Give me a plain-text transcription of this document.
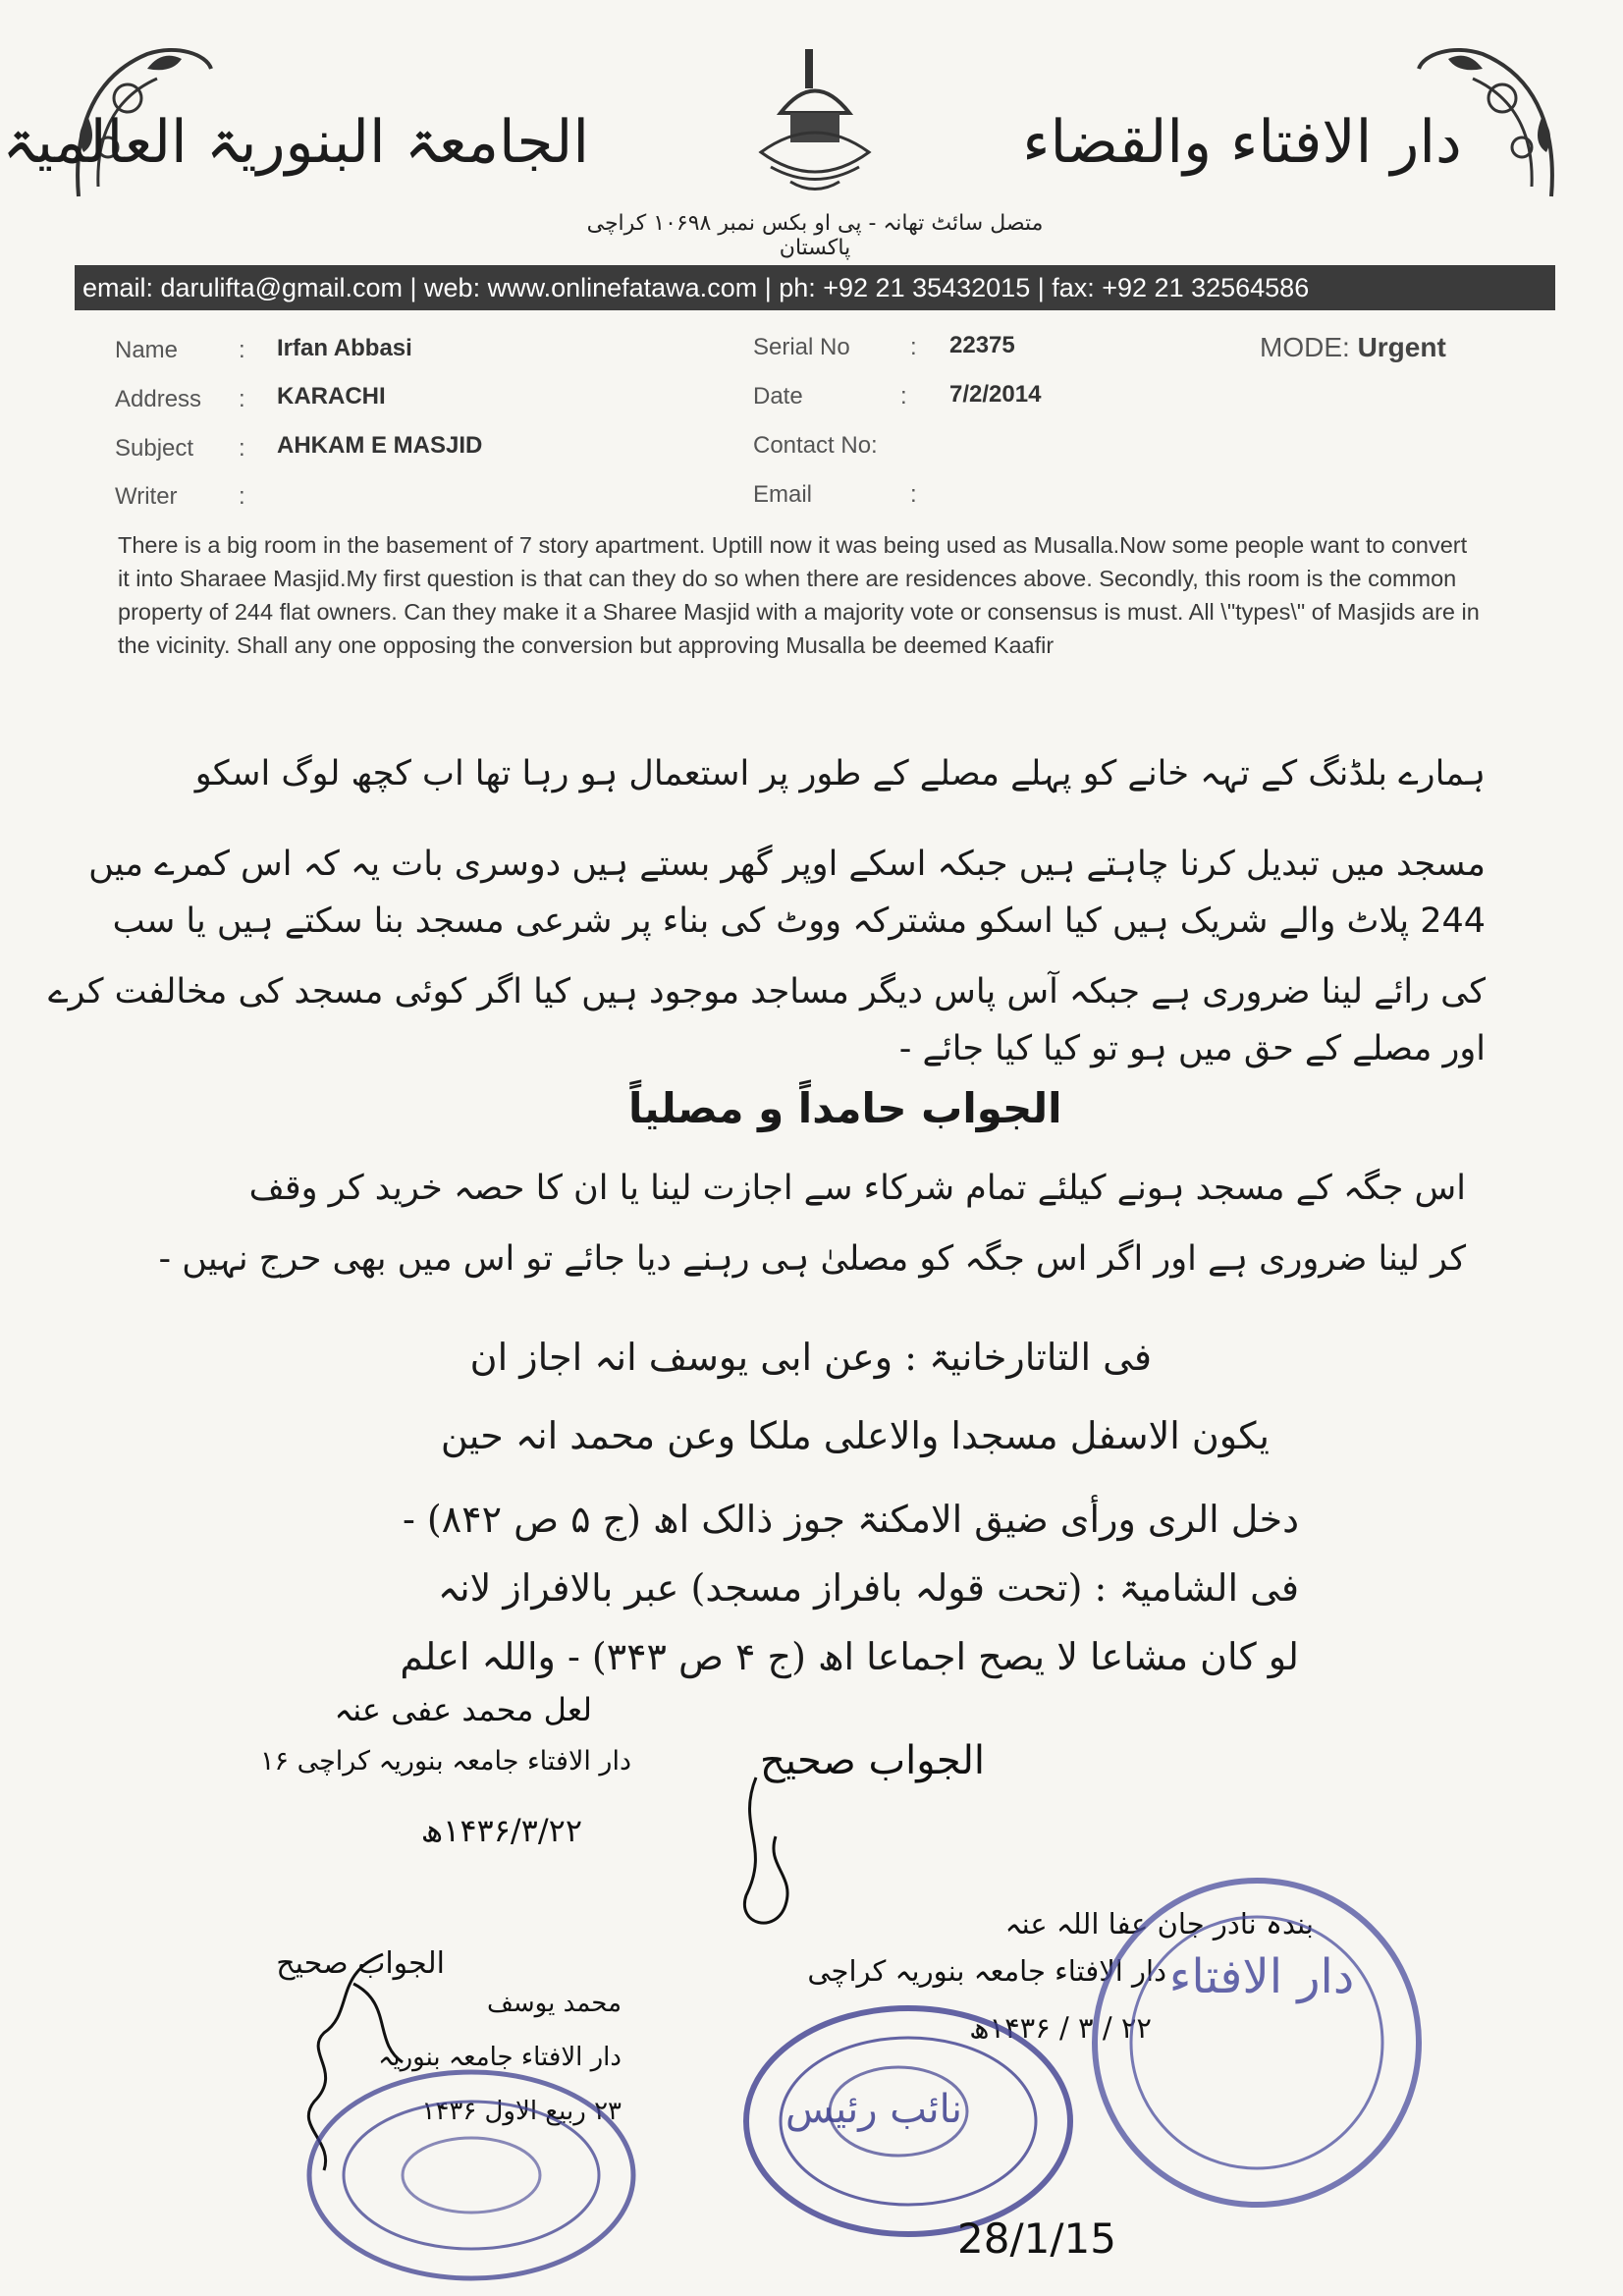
الجامعۃ البنوریۃ العالمیۃ	دار الافتاء والقضاء
متصل سائٹ تھانہ - پی او بکس نمبر ۱۰۶۹۸ کراچی پاکستان
email: darulifta@gmail.com | web: www.onlinefatawa.com | ph: +92 21 35432015 | fax: +92 21 32564586
Name	: Irfan Abbasi
Address : KARACHI
Subject : AHKAM E MASJID
Writer	:
Serial No	: 22375
Date	: 7/2/2014
Contact No:
Email	:
MODE: Urgent
There is a big room in the basement of 7 story apartment. Uptill now it was being used as Musalla.Now some people want to convert it into Sharaee Masjid.My first question is that can they do so when there are residences above. Secondly, this room is the common property of 244 flat owners. Can they make it a Sharee Masjid with a majority vote or consensus is must. All \"types\" of Masjids are in the vicinity. Shall any one opposing the conversion but approving Musalla be deemed Kaafir
ہمارے بلڈنگ کے تہہ خانے کو پہلے مصلے کے طور پر استعمال ہو رہا تھا اب کچھ لوگ اسکو
مسجد میں تبدیل کرنا چاہتے ہیں جبکہ اسکے اوپر گھر بستے ہیں دوسری بات یہ کہ اس کمرے میں
244 پلاٹ والے شریک ہیں کیا اسکو مشترکہ ووٹ کی بناء پر شرعی مسجد بنا سکتے ہیں یا سب
کی رائے لینا ضروری ہے جبکہ آس پاس دیگر مساجد موجود ہیں کیا اگر کوئی مسجد کی مخالفت کرے
اور مصلے کے حق میں ہو تو کیا کیا جائے -
الجواب حامداً و مصلیاً
اس جگہ کے مسجد ہونے کیلئے تمام شرکاء سے اجازت لینا یا ان کا حصہ خرید کر وقف
کر لینا ضروری ہے اور اگر اس جگہ کو مصلیٰ ہی رہنے دیا جائے تو اس میں بھی حرج نہیں -
فی التاتارخانیۃ : وعن ابی یوسف انہ اجاز ان
یکون الاسفل مسجدا والاعلی ملکا وعن محمد انہ حین
دخل الری ورأی ضیق الامکنۃ جوز ذالک اھ (ج ۵ ص ۸۴۲) -
فی الشامیۃ : (تحت قولہ بافراز مسجد) عبر بالافراز لانہ
لو کان مشاعا لا یصح اجماعا اھ (ج ۴ ص ۳۴۳) - واللہ اعلم
لعل محمد عفی عنہ
دار الافتاء جامعہ بنوریہ کراچی ۱۶
۱۴۳۶/۳/۲۲ھ
الجواب صحیح
بندہ نادر جان عفا اللہ عنہ
دار الافتاء جامعہ بنوریہ کراچی
۲۲ / ۳ / ۱۴۳۶ھ
الجواب صحیح
محمد یوسف
دار الافتاء جامعہ بنوریہ
۲۳ ربیع الاول ۱۴۳۶	نائب رئیس
دار الافتاء
28/1/15
